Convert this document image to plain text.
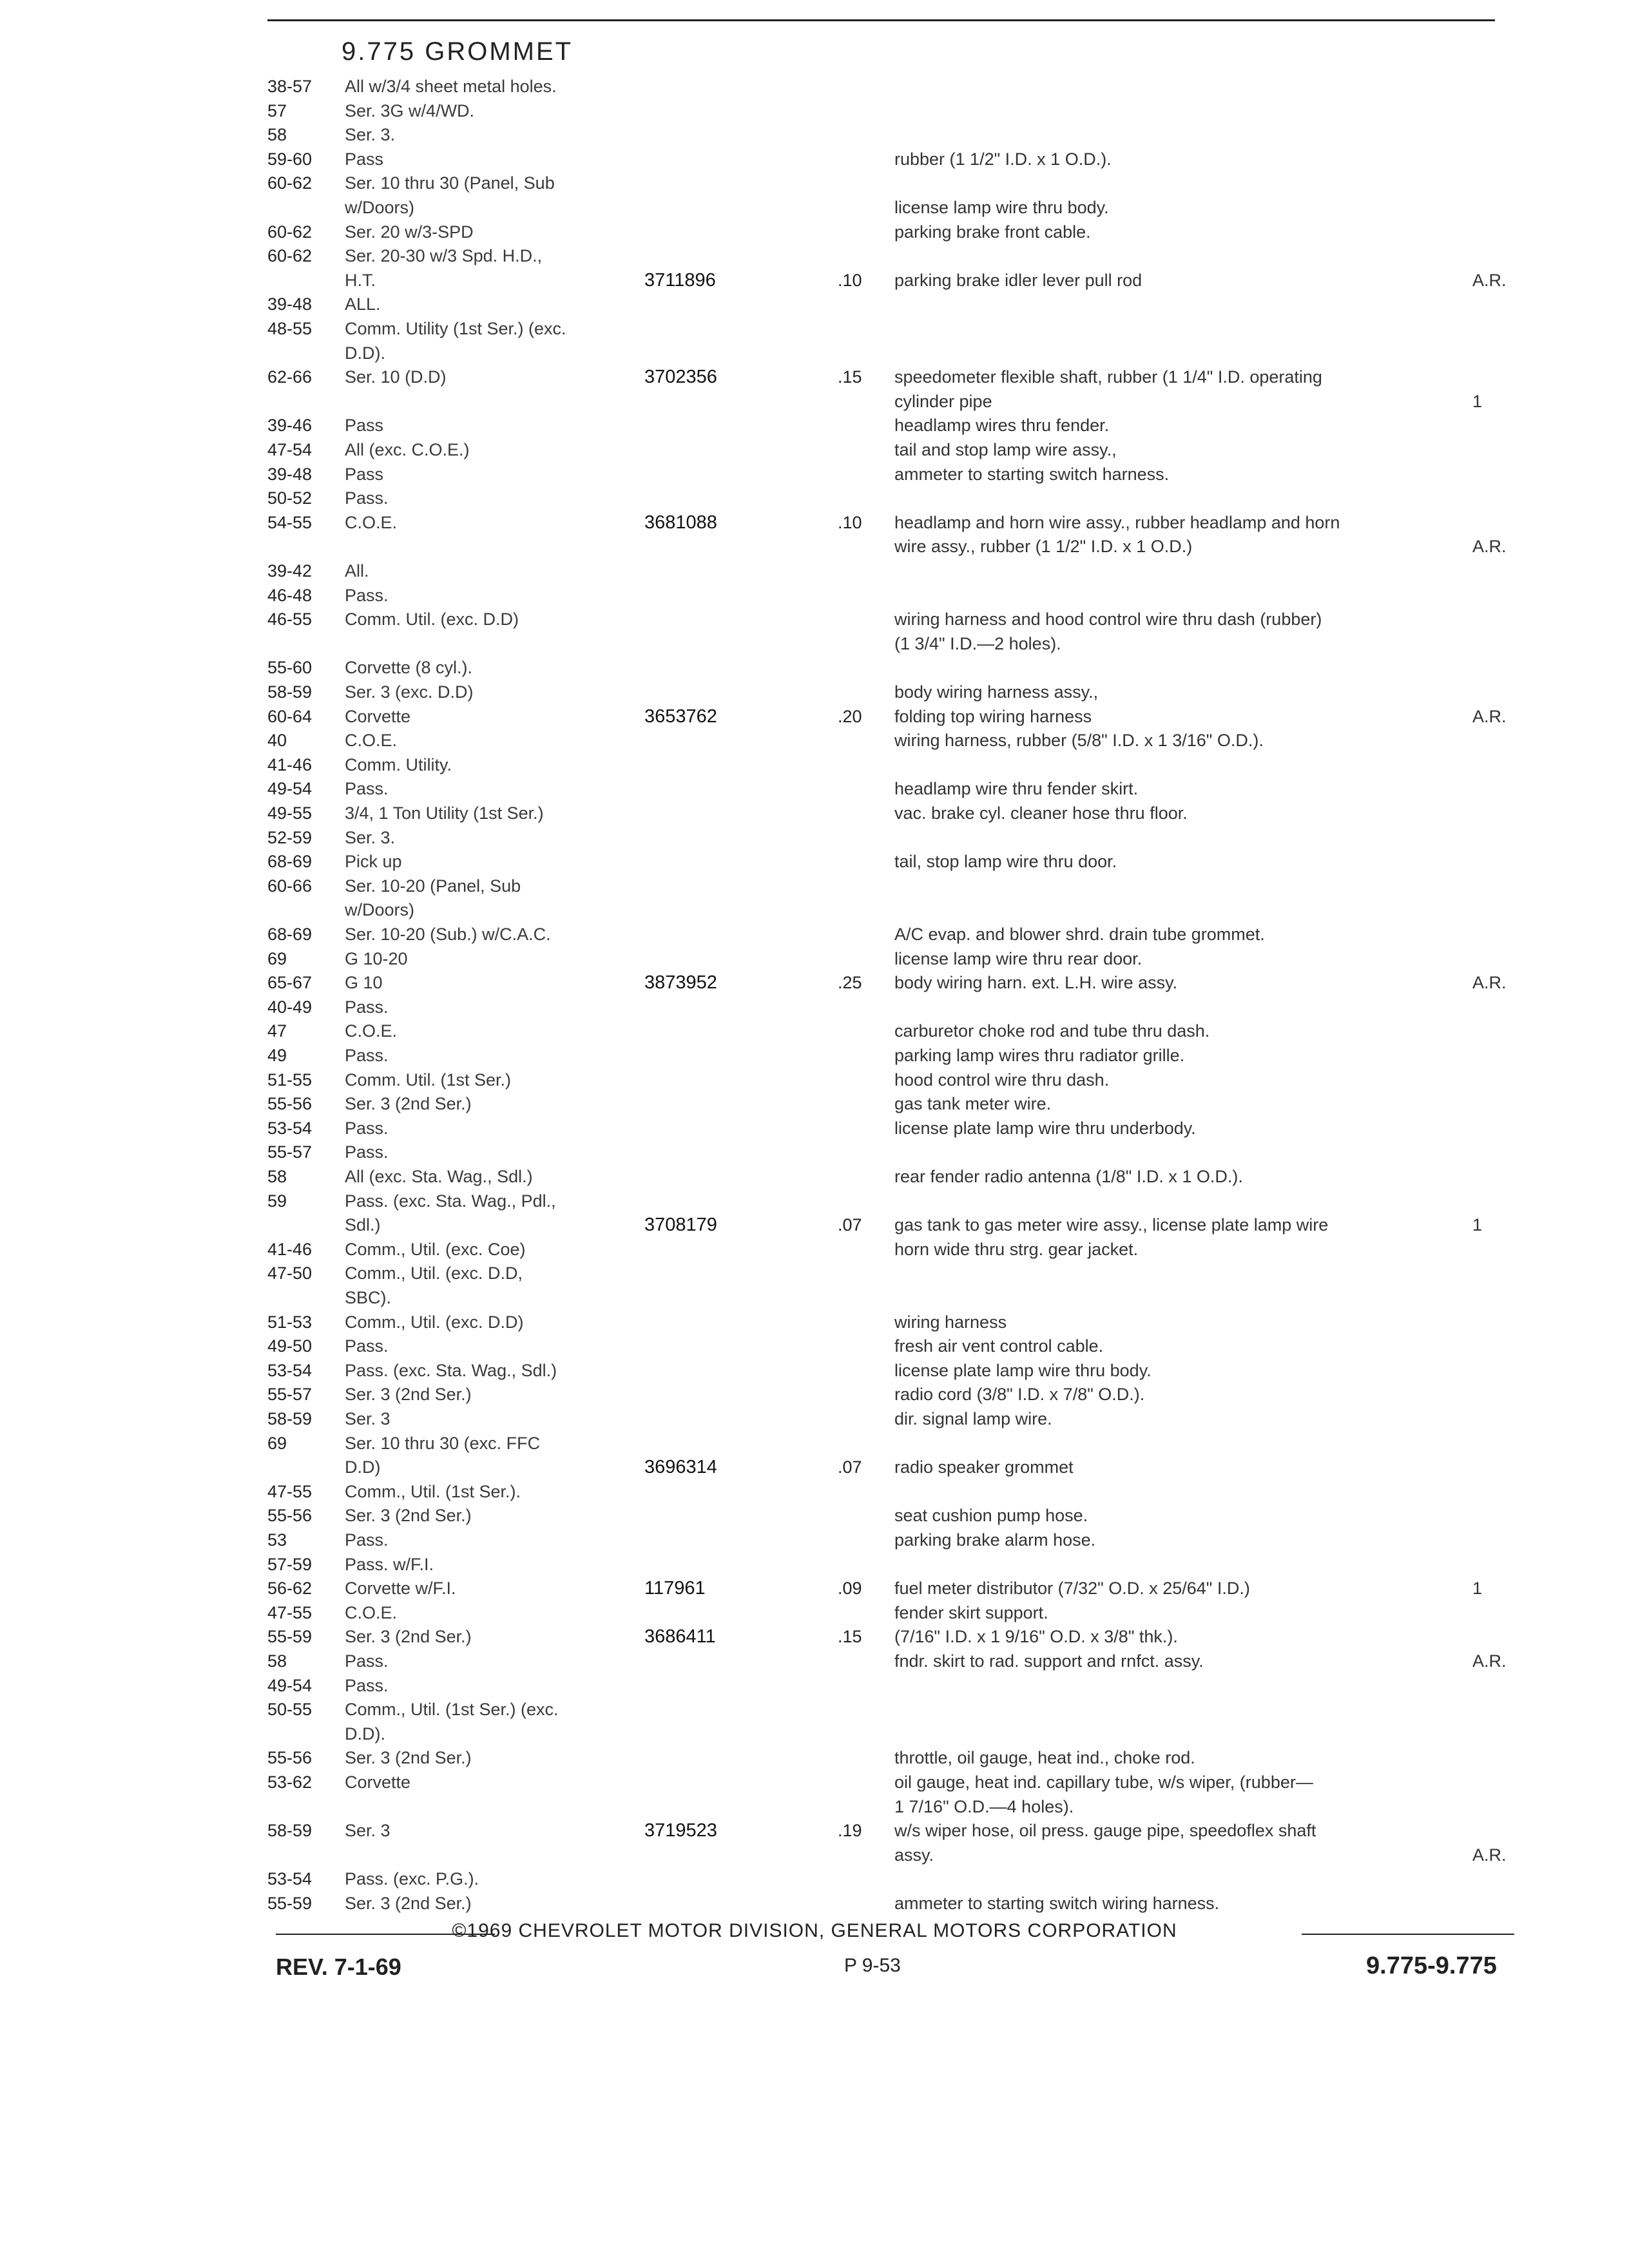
9.775 GROMMET
38-57 All w/3/4 sheet metal holes.
57	Ser. 3G w/4/WD.
58	Ser. 3.
59-60 Pass	rubber (1 1/2" I.D. x 1 O.D.).
60-62 Ser. 10 thru 30 (Panel, Sub
w/Doors)	license lamp wire thru body.
60-62 Ser. 20 w/3-SPD	parking brake front cable.
60-62 Ser. 20-30 w/3 Spd. H.D.,
H.T.	3711896	.10 parking brake idler lever pull rod	A.R.
39-48 ALL.
48-55 Comm. Utility (1st Ser.) (exc.
D.D).
62-66 Ser. 10 (D.D)	3702356	.15 speedometer flexible shaft, rubber (1 1/4" I.D. operating
cylinder pipe	1
39-46 Pass	headlamp wires thru fender.
47-54 All (exc. C.O.E.)	tail and stop lamp wire assy.,
39-48 Pass	ammeter to starting switch harness.
50-52 Pass.
54-55 C.O.E.	3681088	.10 headlamp and horn wire assy., rubber headlamp and horn
wire assy., rubber (1 1/2" I.D. x 1 O.D.)	A.R.
39-42 All.
46-48 Pass.
46-55 Comm. Util. (exc. D.D)	wiring harness and hood control wire thru dash (rubber)
(1 3/4" I.D.—2 holes).
55-60 Corvette (8 cyl.).
58-59 Ser. 3 (exc. D.D)	body wiring harness assy.,
60-64 Corvette	3653762	.20 folding top wiring harness	A.R.
40	C.O.E.	wiring harness, rubber (5/8" I.D. x 1 3/16" O.D.).
41-46 Comm. Utility.
49-54 Pass.	headlamp wire thru fender skirt.
49-55 3/4, 1 Ton Utility (1st Ser.)	vac. brake cyl. cleaner hose thru floor.
52-59 Ser. 3.
68-69 Pick up	tail, stop lamp wire thru door.
60-66 Ser. 10-20 (Panel, Sub
w/Doors)
68-69 Ser. 10-20 (Sub.) w/C.A.C.	A/C evap. and blower shrd. drain tube grommet.
69	G 10-20	license lamp wire thru rear door.
65-67 G 10	3873952	.25 body wiring harn. ext. L.H. wire assy.	A.R.
40-49 Pass.
47	C.O.E.	carburetor choke rod and tube thru dash.
49	Pass.	parking lamp wires thru radiator grille.
51-55 Comm. Util. (1st Ser.)	hood control wire thru dash.
55-56 Ser. 3 (2nd Ser.)	gas tank meter wire.
53-54 Pass.	license plate lamp wire thru underbody.
55-57 Pass.
58	All (exc. Sta. Wag., Sdl.)	rear fender radio antenna (1/8" I.D. x 1 O.D.).
59	Pass. (exc. Sta. Wag., Pdl.,
Sdl.)	3708179	.07 gas tank to gas meter wire assy., license plate lamp wire	1
41-46 Comm., Util. (exc. Coe)	horn wide thru strg. gear jacket.
47-50 Comm., Util. (exc. D.D,
SBC).
51-53 Comm., Util. (exc. D.D)	wiring harness
49-50 Pass.	fresh air vent control cable.
53-54 Pass. (exc. Sta. Wag., Sdl.)	license plate lamp wire thru body.
55-57 Ser. 3 (2nd Ser.)	radio cord (3/8" I.D. x 7/8" O.D.).
58-59 Ser. 3	dir. signal lamp wire.
69	Ser. 10 thru 30 (exc. FFC
D.D)	3696314	.07 radio speaker grommet
47-55 Comm., Util. (1st Ser.).
55-56 Ser. 3 (2nd Ser.)	seat cushion pump hose.
53	Pass.	parking brake alarm hose.
57-59 Pass. w/F.I.
56-62 Corvette w/F.I.	117961	.09 fuel meter distributor (7/32" O.D. x 25/64" I.D.)	1
47-55 C.O.E.	fender skirt support.
55-59 Ser. 3 (2nd Ser.)	3686411	.15 (7/16" I.D. x 1 9/16" O.D. x 3/8" thk.).
58	Pass.	fndr. skirt to rad. support and rnfct. assy.	A.R.
49-54 Pass.
50-55 Comm., Util. (1st Ser.) (exc.
D.D).
55-56 Ser. 3 (2nd Ser.)	throttle, oil gauge, heat ind., choke rod.
53-62 Corvette	oil gauge, heat ind. capillary tube, w/s wiper, (rubber—
1 7/16" O.D.—4 holes).
58-59 Ser. 3	3719523	.19 w/s wiper hose, oil press. gauge pipe, speedoflex shaft
assy.	A.R.
53-54 Pass. (exc. P.G.).
55-59 Ser. 3 (2nd Ser.)	ammeter to starting switch wiring harness.
©1969 CHEVROLET MOTOR DIVISION, GENERAL MOTORS CORPORATION
REV. 7-1-69	P 9-53	9.775-9.775
